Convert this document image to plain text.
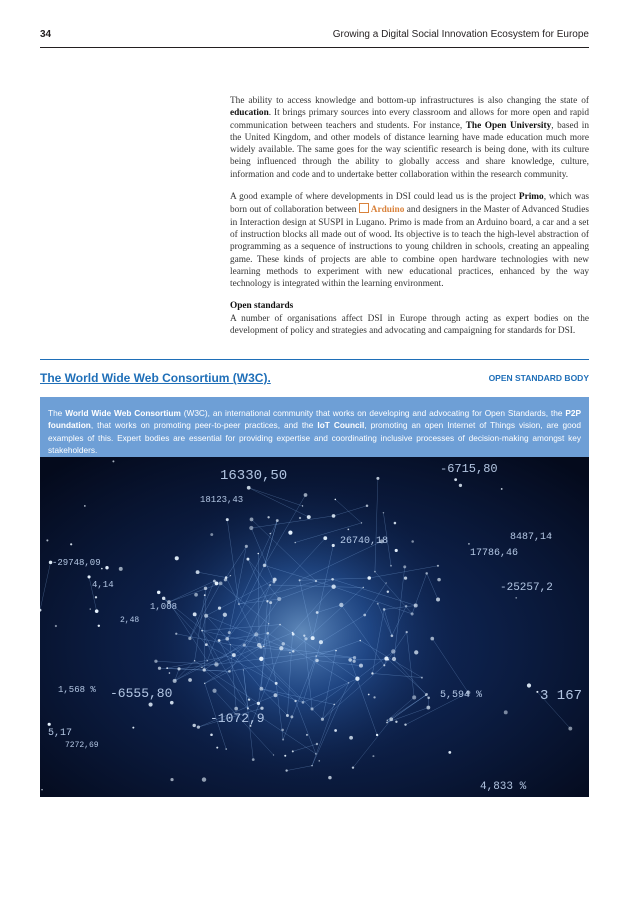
34	Growing a Digital Social Innovation Ecosystem for Europe

The ability to access knowledge and bottom-up infrastructures is also changing the state of education. It brings primary sources into every classroom and allows for more open and rapid communication between teachers and students. For instance, The Open University, based in the United Kingdom, and other models of distance learning have made education much more widely available. The same goes for the way scientific research is being done, with its culture being influenced through the ability to globally access and share knowledge, culture, information and code and to undertake better collaboration within the research community.

A good example of where developments in DSI could lead us is the project Primo, which was born out of collaboration between Arduino and designers in the Master of Advanced Studies in Interaction design at SUSPI in Lugano. Primo is made from an Arduino board, a car and a set of instruction blocks all made out of wood. Its objective is to teach the high-level abstraction of programming as a sequence of instructions to young children in schools, creating an appealing game. These kinds of projects are able to combine open hardware technologies with new learning methods to experiment with new educational practices, enhanced by the way technology is integrated within the learning environment.

Open standards
A number of organisations affect DSI in Europe through acting as expert bodies on the development of policy and strategies and advocating and campaigning for standards for DSI.

The World Wide Web Consortium (W3C).	OPEN STANDARD BODY
The World Wide Web Consortium (W3C), an international community that works on developing and advocating for Open Standards, the P2P foundation, that works on promoting peer-to-peer practices, and the IoT Council, promoting an open Internet of Things vision, are good examples of this. Expert bodies are essential for providing expertise and coordinating inclusive processes of decision-making amongst key stakeholders.
16330,50	-6715,80
18123,43
26740,18	8487,14
17786,46
-29748,09
4,14	-25257,2
1,008
2,48
1,568 % -6555,80
-1072,9
5,594 %	3 167
5,17
7272,69
4,833 %
